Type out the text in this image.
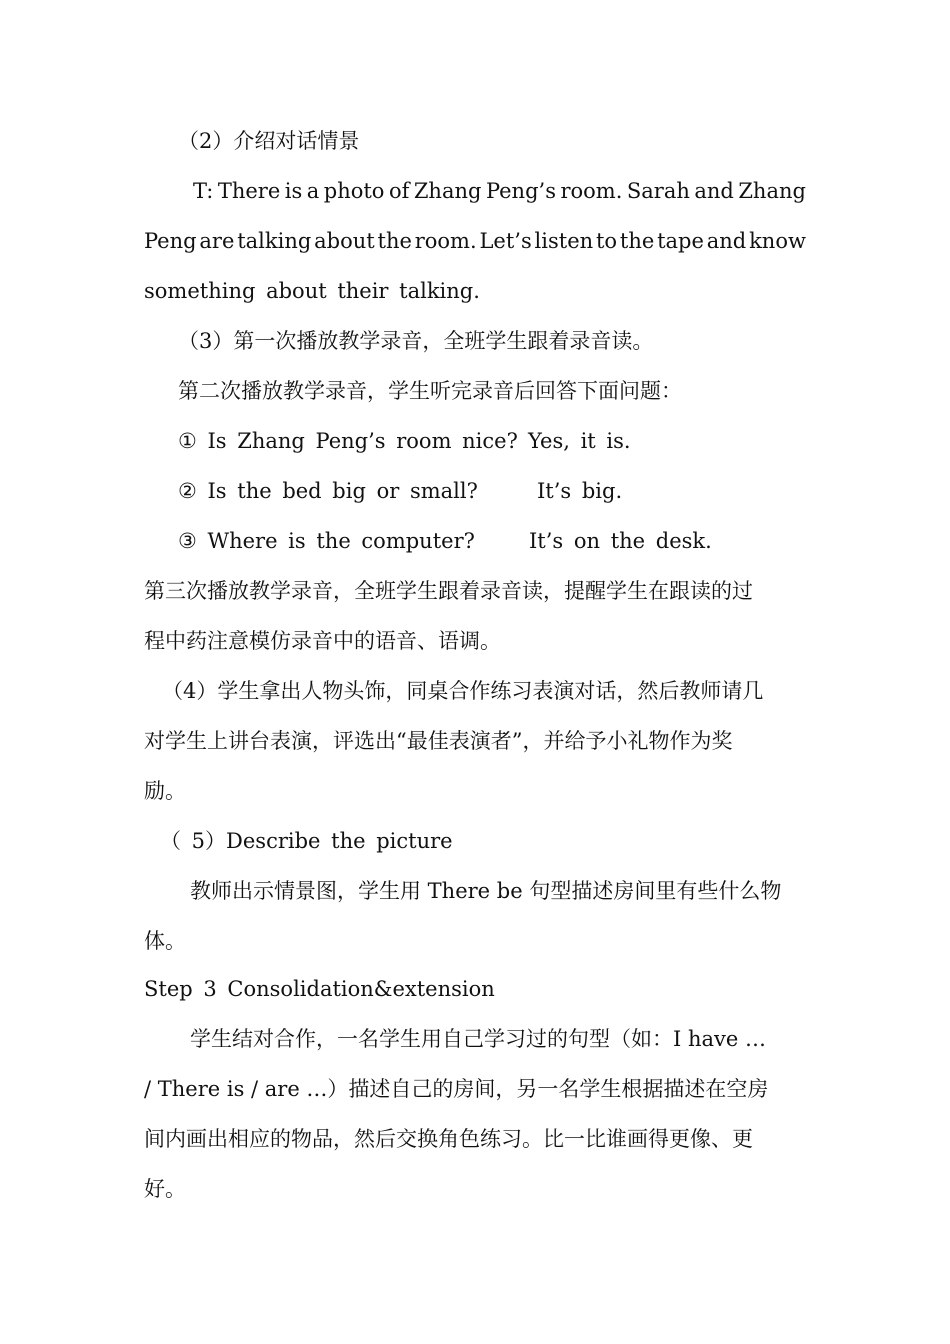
（2）介绍对话情景
T: There is a photo of Zhang Peng’s room. Sarah and Zhang
Peng are talking about the room. Let’s listen to the tape and know
something about their talking.
（3）第一次播放教学录音，全班学生跟着录音读。
第二次播放教学录音，学生听完录音后回答下面问题：
① Is Zhang Peng’s room nice? Yes, it is.
② Is the bed big or small?	It’s big.
③ Where is the computer?	It’s on the desk.
第三次播放教学录音，全班学生跟着录音读，提醒学生在跟读的过
程中药注意模仿录音中的语音、语调。
（4）学生拿出人物头饰，同桌合作练习表演对话，然后教师请几
对学生上讲台表演，评选出“最佳表演者”，并给予小礼物作为奖
励。
（ 5）Describe the picture
教师出示情景图，学生用 There be 句型描述房间里有些什么物
体。
Step 3 Consolidation&extension
学生结对合作，一名学生用自己学习过的句型（如：I have …
/ There is / are …）描述自己的房间，另一名学生根据描述在空房
间内画出相应的物品，然后交换角色练习。比一比谁画得更像、更
好。
